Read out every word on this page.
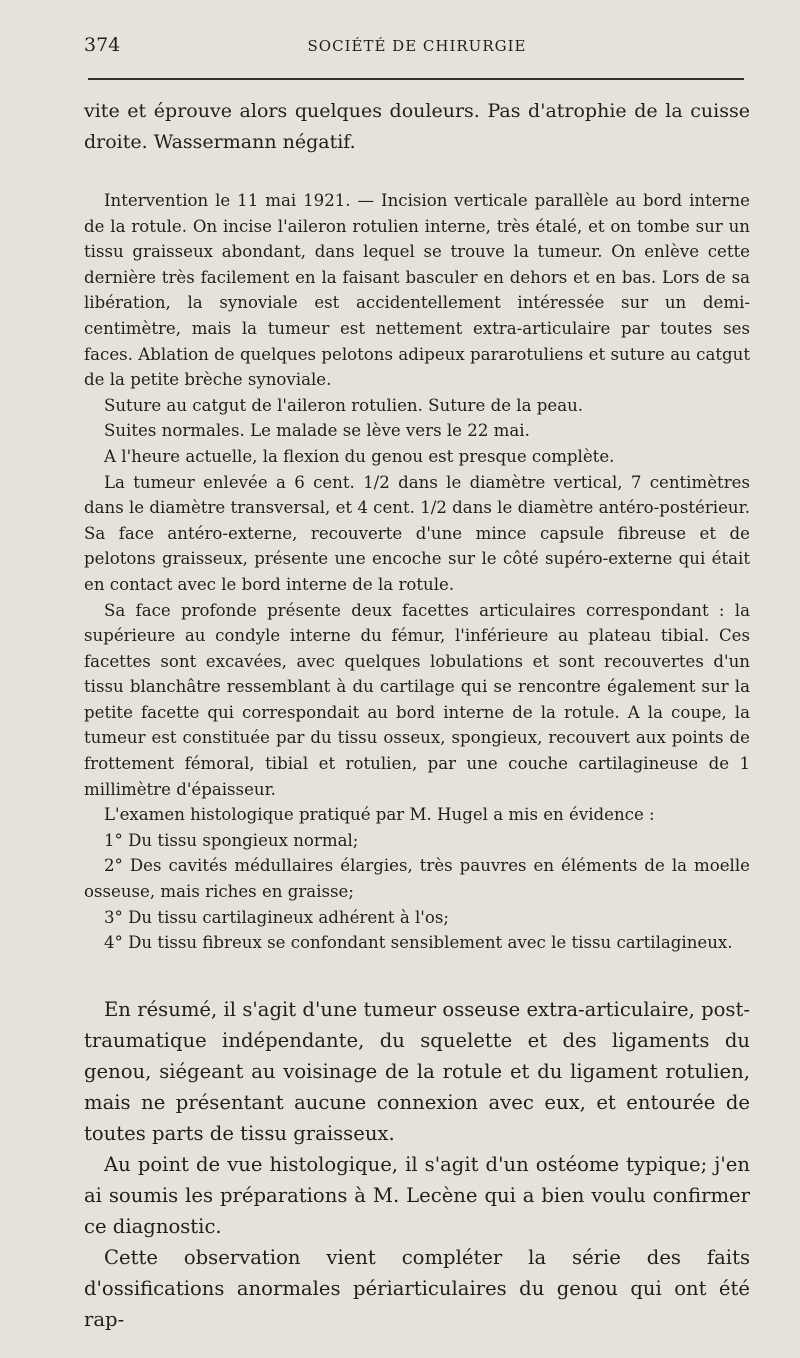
374	SOCIÉTÉ DE CHIRURGIE

vite et éprouve alors quelques douleurs. Pas d'atrophie de la cuisse droite. Wassermann négatif.

Intervention le 11 mai 1921. — Incision verticale parallèle au bord interne de la rotule. On incise l'aileron rotulien interne, très étalé, et on tombe sur un tissu graisseux abondant, dans lequel se trouve la tumeur. On enlève cette dernière très facilement en la faisant basculer en dehors et en bas. Lors de sa libération, la synoviale est accidentellement intéressée sur un demi-centimètre, mais la tumeur est nettement extra-articulaire par toutes ses faces. Ablation de quelques pelotons adipeux pararotuliens et suture au catgut de la petite brèche synoviale.

Suture au catgut de l'aileron rotulien. Suture de la peau.

Suites normales. Le malade se lève vers le 22 mai.

A l'heure actuelle, la flexion du genou est presque complète.

La tumeur enlevée a 6 cent. 1/2 dans le diamètre vertical, 7 centimètres dans le diamètre transversal, et 4 cent. 1/2 dans le diamètre antéro-postérieur. Sa face antéro-externe, recouverte d'une mince capsule fibreuse et de pelotons graisseux, présente une encoche sur le côté supéro-externe qui était en contact avec le bord interne de la rotule.

Sa face profonde présente deux facettes articulaires correspondant : la supérieure au condyle interne du fémur, l'inférieure au plateau tibial. Ces facettes sont excavées, avec quelques lobulations et sont recouvertes d'un tissu blanchâtre ressemblant à du cartilage qui se rencontre également sur la petite facette qui correspondait au bord interne de la rotule. A la coupe, la tumeur est constituée par du tissu osseux, spongieux, recouvert aux points de frottement fémoral, tibial et rotulien, par une couche cartilagineuse de 1 millimètre d'épaisseur.

L'examen histologique pratiqué par M. Hugel a mis en évidence :

1° Du tissu spongieux normal;

2° Des cavités médullaires élargies, très pauvres en éléments de la moelle osseuse, mais riches en graisse;

3° Du tissu cartilagineux adhérent à l'os;

4° Du tissu fibreux se confondant sensiblement avec le tissu cartilagineux.

En résumé, il s'agit d'une tumeur osseuse extra-articulaire, post-traumatique indépendante, du squelette et des ligaments du genou, siégeant au voisinage de la rotule et du ligament rotulien, mais ne présentant aucune connexion avec eux, et entourée de toutes parts de tissu graisseux.

Au point de vue histologique, il s'agit d'un ostéome typique; j'en ai soumis les préparations à M. Lecène qui a bien voulu confirmer ce diagnostic.

Cette observation vient compléter la série des faits d'ossifications anormales périarticulaires du genou qui ont été rap-
